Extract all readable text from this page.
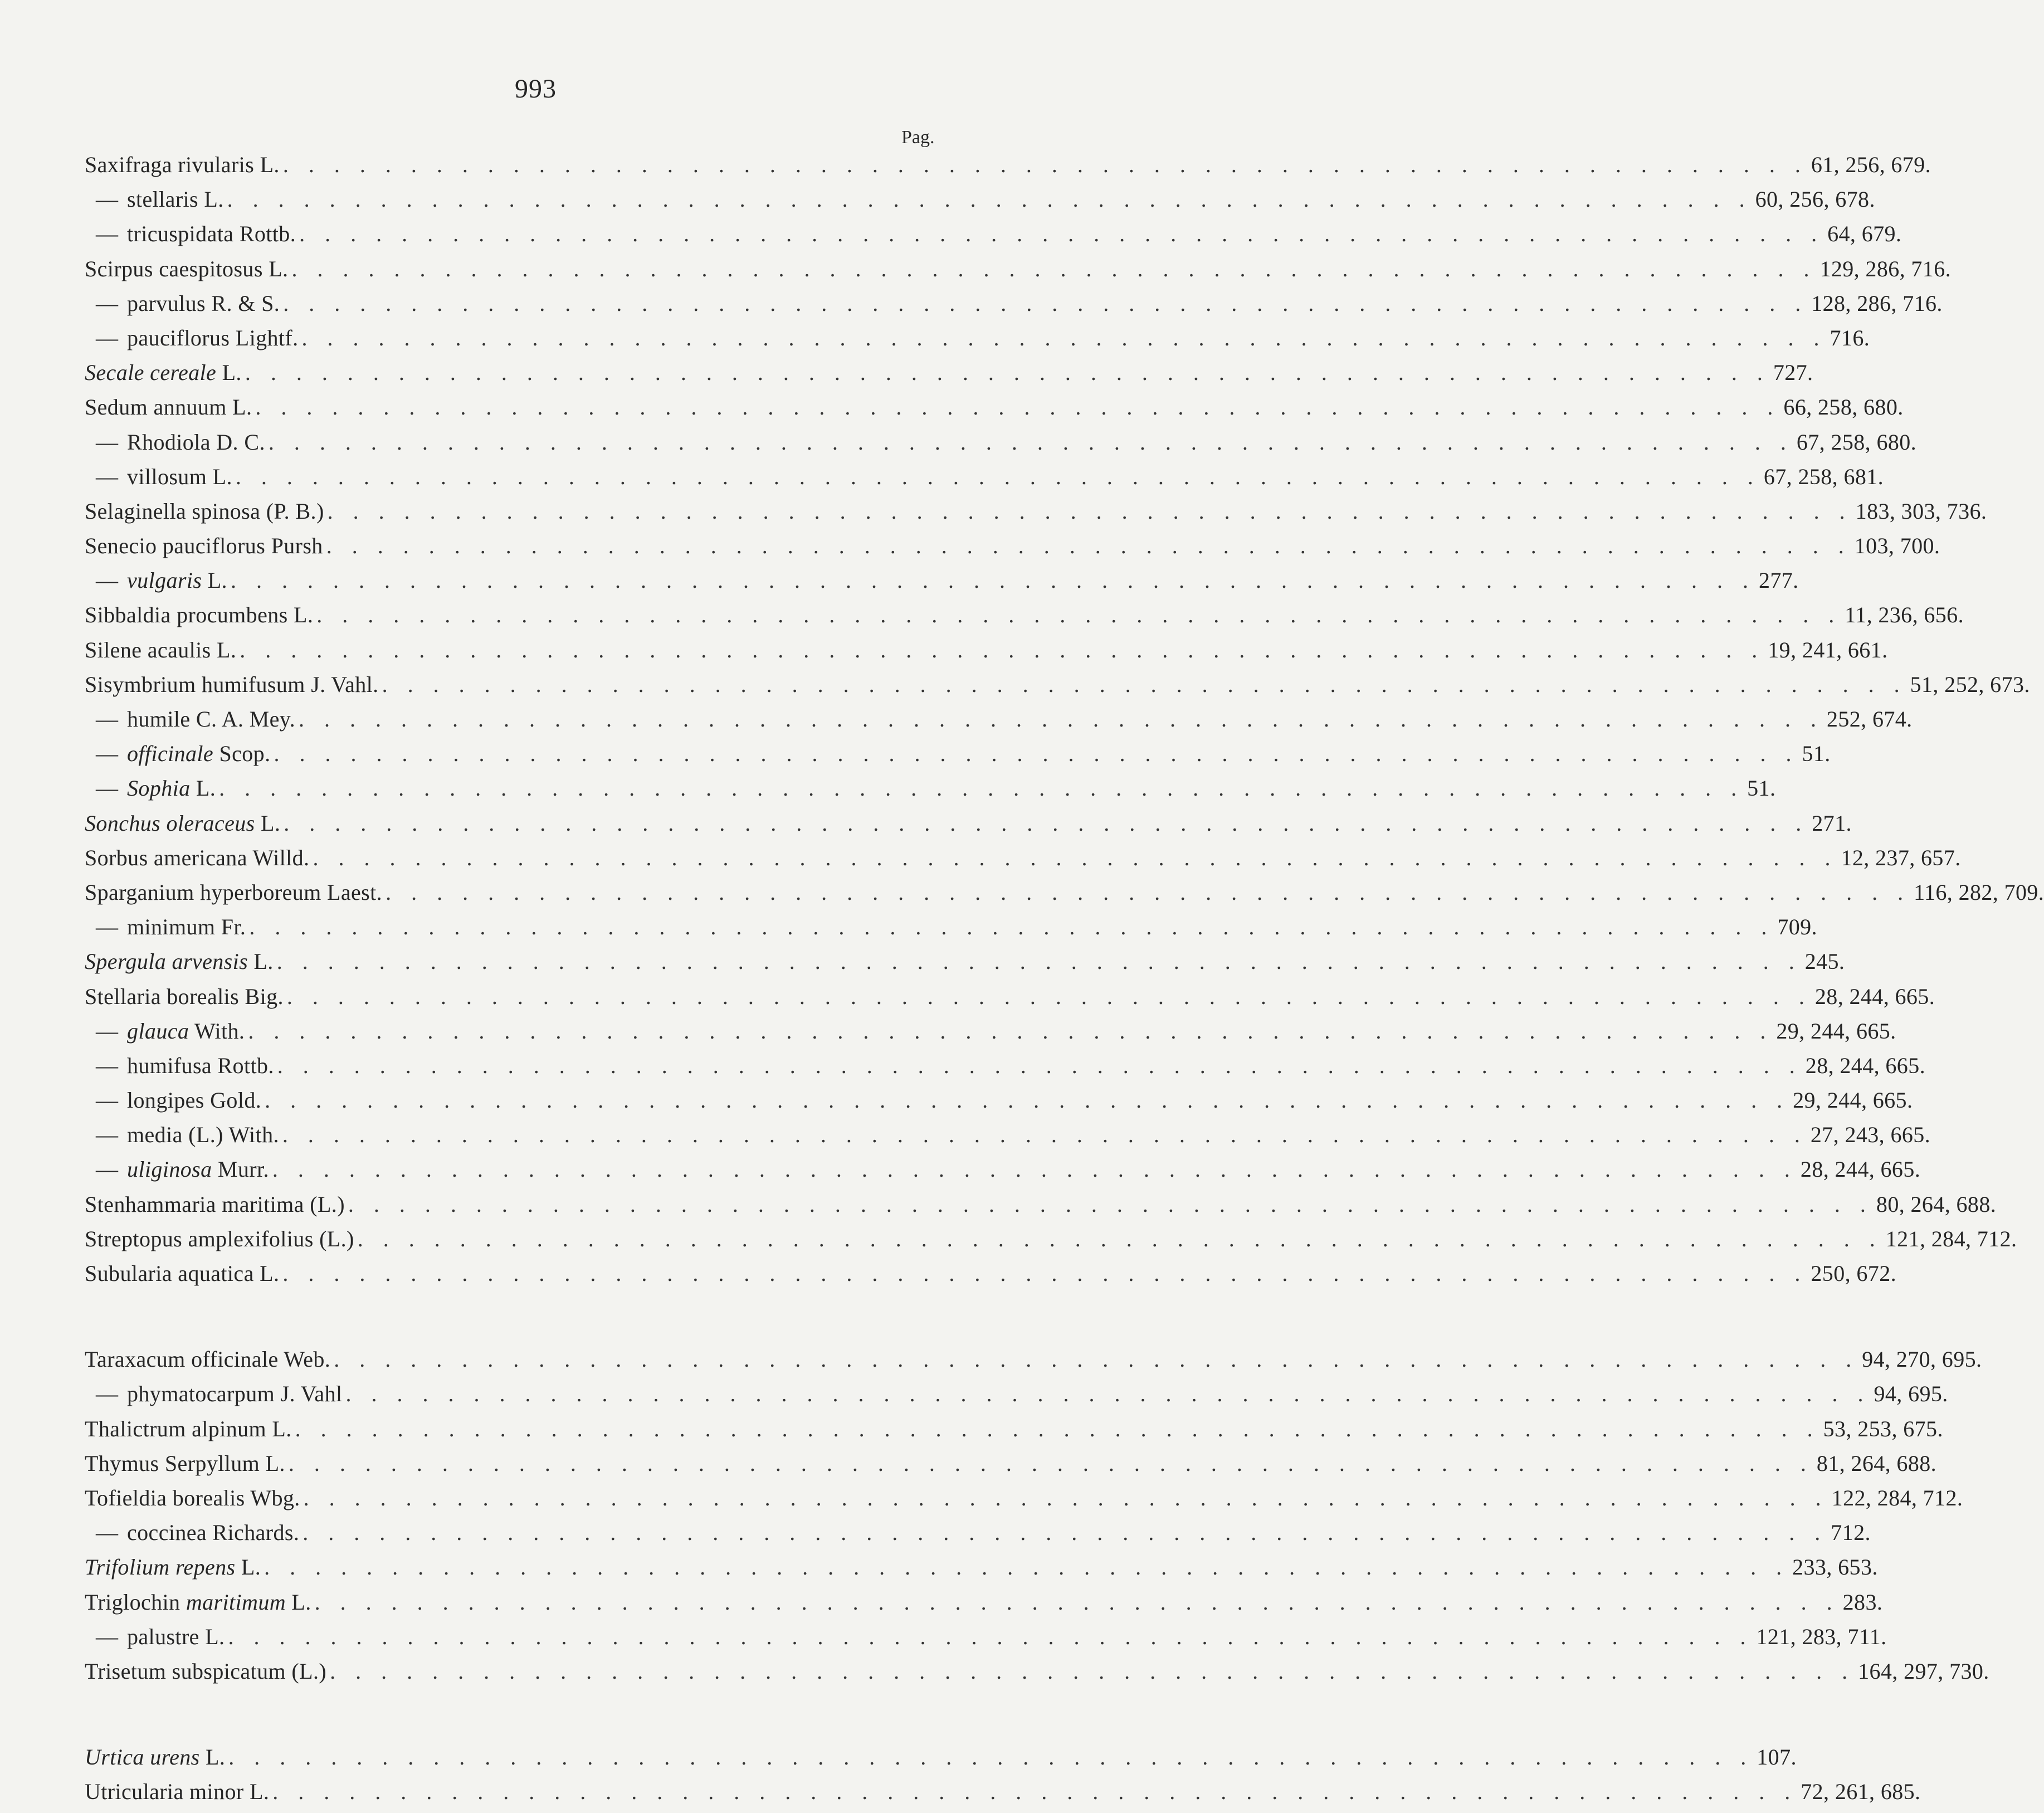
993
Pag.
Saxifraga rivularis L. . . . . . . . . . . . . . . . . . . . . . . . . . . . . . . . . . . . . . . . . . . . . . . . . . . . . . . . . . . . . 61, 256, 679.
— stellaris L. . . . . . . . . . . . . . . . . . . . . . . . . . . . . . . . . . . . . . . . . . . . . . . . . . . . . . . . . . . . . 60, 256, 678.
— tricuspidata Rottb. . . . . . . . . . . . . . . . . . . . . . . . . . . . . . . . . . . . . . . . . . . . . . . . . . . . . . . . . . . . . 64, 679.
Scirpus caespitosus L. . . . . . . . . . . . . . . . . . . . . . . . . . . . . . . . . . . . . . . . . . . . . . . . . . . . . . . . . . . . . 129, 286, 716.
— parvulus R. & S. . . . . . . . . . . . . . . . . . . . . . . . . . . . . . . . . . . . . . . . . . . . . . . . . . . . . . . . . . . . . 128, 286, 716.
— pauciflorus Lightf. . . . . . . . . . . . . . . . . . . . . . . . . . . . . . . . . . . . . . . . . . . . . . . . . . . . . . . . . . . . . 716.
Secale cereale L. . . . . . . . . . . . . . . . . . . . . . . . . . . . . . . . . . . . . . . . . . . . . . . . . . . . . . . . . . . . . 727.
Sedum annuum L. . . . . . . . . . . . . . . . . . . . . . . . . . . . . . . . . . . . . . . . . . . . . . . . . . . . . . . . . . . . . 66, 258, 680.
— Rhodiola D. C. . . . . . . . . . . . . . . . . . . . . . . . . . . . . . . . . . . . . . . . . . . . . . . . . . . . . . . . . . . . . 67, 258, 680.
— villosum L. . . . . . . . . . . . . . . . . . . . . . . . . . . . . . . . . . . . . . . . . . . . . . . . . . . . . . . . . . . . . 67, 258, 681.
Selaginella spinosa (P. B.) . . . . . . . . . . . . . . . . . . . . . . . . . . . . . . . . . . . . . . . . . . . . . . . . . . . . . . . . . . . . 183, 303, 736.
Senecio pauciflorus Pursh . . . . . . . . . . . . . . . . . . . . . . . . . . . . . . . . . . . . . . . . . . . . . . . . . . . . . . . . . . . . 103, 700.
— vulgaris L. . . . . . . . . . . . . . . . . . . . . . . . . . . . . . . . . . . . . . . . . . . . . . . . . . . . . . . . . . . . . 277.
Sibbaldia procumbens L. . . . . . . . . . . . . . . . . . . . . . . . . . . . . . . . . . . . . . . . . . . . . . . . . . . . . . . . . . . . . 11, 236, 656.
Silene acaulis L. . . . . . . . . . . . . . . . . . . . . . . . . . . . . . . . . . . . . . . . . . . . . . . . . . . . . . . . . . . . . 19, 241, 661.
Sisymbrium humifusum J. Vahl. . . . . . . . . . . . . . . . . . . . . . . . . . . . . . . . . . . . . . . . . . . . . . . . . . . . . . . . . . . . . 51, 252, 673.
— humile C. A. Mey. . . . . . . . . . . . . . . . . . . . . . . . . . . . . . . . . . . . . . . . . . . . . . . . . . . . . . . . . . . . . 252, 674.
— officinale Scop. . . . . . . . . . . . . . . . . . . . . . . . . . . . . . . . . . . . . . . . . . . . . . . . . . . . . . . . . . . . . 51.
— Sophia L. . . . . . . . . . . . . . . . . . . . . . . . . . . . . . . . . . . . . . . . . . . . . . . . . . . . . . . . . . . . . 51.
Sonchus oleraceus L. . . . . . . . . . . . . . . . . . . . . . . . . . . . . . . . . . . . . . . . . . . . . . . . . . . . . . . . . . . . . 271.
Sorbus americana Willd. . . . . . . . . . . . . . . . . . . . . . . . . . . . . . . . . . . . . . . . . . . . . . . . . . . . . . . . . . . . . 12, 237, 657.
Sparganium hyperboreum Laest. . . . . . . . . . . . . . . . . . . . . . . . . . . . . . . . . . . . . . . . . . . . . . . . . . . . . . . . . . . . . 116, 282, 709.
— minimum Fr. . . . . . . . . . . . . . . . . . . . . . . . . . . . . . . . . . . . . . . . . . . . . . . . . . . . . . . . . . . . . 709.
Spergula arvensis L. . . . . . . . . . . . . . . . . . . . . . . . . . . . . . . . . . . . . . . . . . . . . . . . . . . . . . . . . . . . . 245.
Stellaria borealis Big. . . . . . . . . . . . . . . . . . . . . . . . . . . . . . . . . . . . . . . . . . . . . . . . . . . . . . . . . . . . . 28, 244, 665.
— glauca With. . . . . . . . . . . . . . . . . . . . . . . . . . . . . . . . . . . . . . . . . . . . . . . . . . . . . . . . . . . . . 29, 244, 665.
— humifusa Rottb. . . . . . . . . . . . . . . . . . . . . . . . . . . . . . . . . . . . . . . . . . . . . . . . . . . . . . . . . . . . . 28, 244, 665.
— longipes Gold. . . . . . . . . . . . . . . . . . . . . . . . . . . . . . . . . . . . . . . . . . . . . . . . . . . . . . . . . . . . . 29, 244, 665.
— media (L.) With. . . . . . . . . . . . . . . . . . . . . . . . . . . . . . . . . . . . . . . . . . . . . . . . . . . . . . . . . . . . . 27, 243, 665.
— uliginosa Murr. . . . . . . . . . . . . . . . . . . . . . . . . . . . . . . . . . . . . . . . . . . . . . . . . . . . . . . . . . . . . 28, 244, 665.
Stenhammaria maritima (L.) . . . . . . . . . . . . . . . . . . . . . . . . . . . . . . . . . . . . . . . . . . . . . . . . . . . . . . . . . . . . 80, 264, 688.
Streptopus amplexifolius (L.) . . . . . . . . . . . . . . . . . . . . . . . . . . . . . . . . . . . . . . . . . . . . . . . . . . . . . . . . . . . . 121, 284, 712.
Subularia aquatica L. . . . . . . . . . . . . . . . . . . . . . . . . . . . . . . . . . . . . . . . . . . . . . . . . . . . . . . . . . . . . 250, 672.
Taraxacum officinale Web. . . . . . . . . . . . . . . . . . . . . . . . . . . . . . . . . . . . . . . . . . . . . . . . . . . . . . . . . . . . . 94, 270, 695.
— phymatocarpum J. Vahl . . . . . . . . . . . . . . . . . . . . . . . . . . . . . . . . . . . . . . . . . . . . . . . . . . . . . . . . . . . . 94, 695.
Thalictrum alpinum L. . . . . . . . . . . . . . . . . . . . . . . . . . . . . . . . . . . . . . . . . . . . . . . . . . . . . . . . . . . . . 53, 253, 675.
Thymus Serpyllum L. . . . . . . . . . . . . . . . . . . . . . . . . . . . . . . . . . . . . . . . . . . . . . . . . . . . . . . . . . . . . 81, 264, 688.
Tofieldia borealis Wbg. . . . . . . . . . . . . . . . . . . . . . . . . . . . . . . . . . . . . . . . . . . . . . . . . . . . . . . . . . . . . 122, 284, 712.
— coccinea Richards. . . . . . . . . . . . . . . . . . . . . . . . . . . . . . . . . . . . . . . . . . . . . . . . . . . . . . . . . . . . . 712.
Trifolium repens L. . . . . . . . . . . . . . . . . . . . . . . . . . . . . . . . . . . . . . . . . . . . . . . . . . . . . . . . . . . . . 233, 653.
Triglochin maritimum L. . . . . . . . . . . . . . . . . . . . . . . . . . . . . . . . . . . . . . . . . . . . . . . . . . . . . . . . . . . . . 283.
— palustre L. . . . . . . . . . . . . . . . . . . . . . . . . . . . . . . . . . . . . . . . . . . . . . . . . . . . . . . . . . . . . 121, 283, 711.
Trisetum subspicatum (L.) . . . . . . . . . . . . . . . . . . . . . . . . . . . . . . . . . . . . . . . . . . . . . . . . . . . . . . . . . . . . 164, 297, 730.
Urtica urens L. . . . . . . . . . . . . . . . . . . . . . . . . . . . . . . . . . . . . . . . . . . . . . . . . . . . . . . . . . . . . 107.
Utricularia minor L. . . . . . . . . . . . . . . . . . . . . . . . . . . . . . . . . . . . . . . . . . . . . . . . . . . . . . . . . . . . . 72, 261, 685.
